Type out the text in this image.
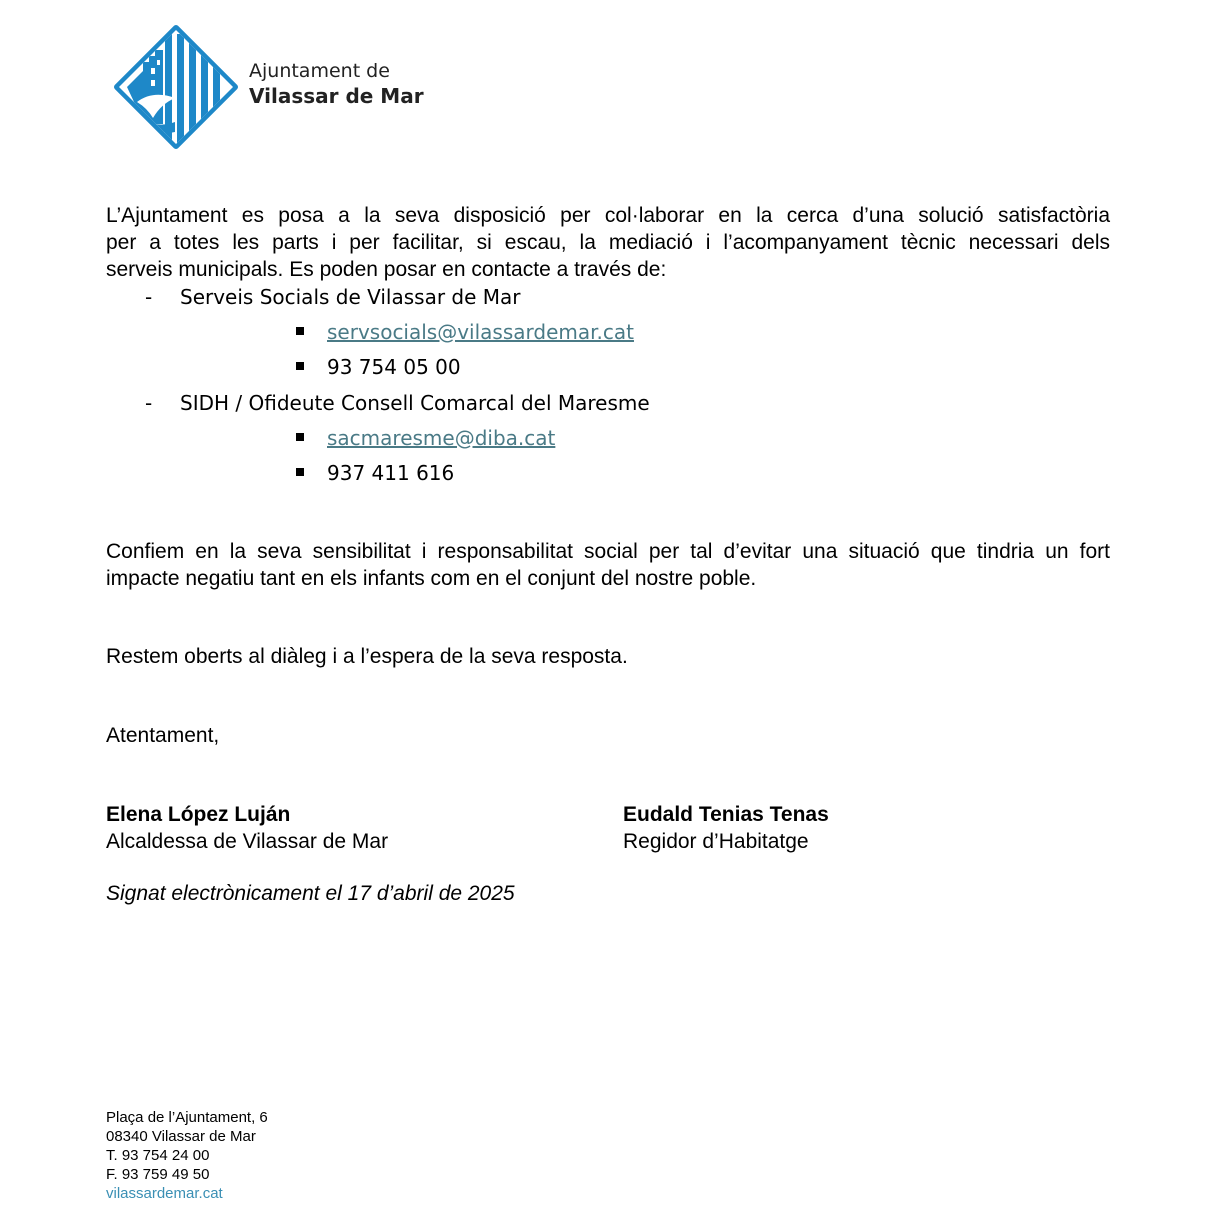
Ajuntament de
Vilassar de Mar
L’Ajuntament es posa a la seva disposició per col·laborar en la cerca d’una solució satisfactòria
per a totes les parts i per facilitar, si escau, la mediació i l’acompanyament tècnic necessari dels
serveis municipals. Es poden posar en contacte a través de:
- Serveis Socials de Vilassar de Mar
servsocials@vilassardemar.cat
93 754 05 00
- SIDH / Ofideute Consell Comarcal del Maresme
sacmaresme@diba.cat
937 411 616
Confiem en la seva sensibilitat i responsabilitat social per tal d’evitar una situació que tindria un fort
impacte negatiu tant en els infants com en el conjunt del nostre poble.
Restem oberts al diàleg i a l’espera de la seva resposta.
Atentament,
Elena López Luján
Alcaldessa de Vilassar de Mar
Eudald Tenias Tenas
Regidor d’Habitatge
Signat electrònicament el 17 d’abril de 2025
Plaça de l’Ajuntament, 6
08340 Vilassar de Mar
T. 93 754 24 00
F. 93 759 49 50
vilassardemar.cat
